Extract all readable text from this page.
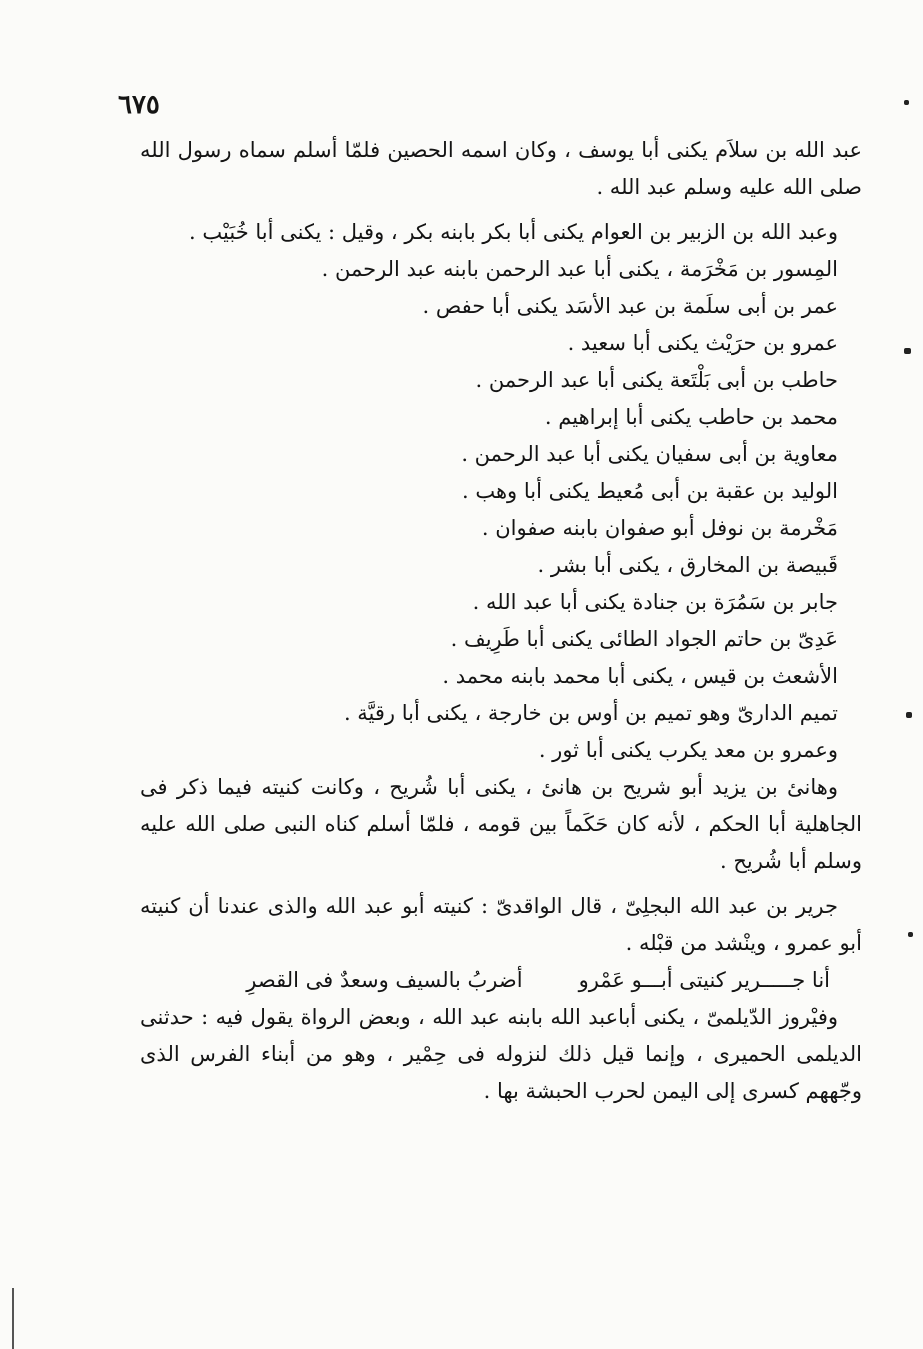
٦٧٥

عبد الله بن سلاَم يكنى أبا يوسف ، وكان اسمه الحصين فلمّا أسلم سماه رسول الله صلى الله عليه وسلم عبد الله .

وعبد الله بن الزبير بن العوام يكنى أبا بكر بابنه بكر ، وقيل : يكنى أبا خُبَيْب .

المِسور بن مَخْرَمة ، يكنى أبا عبد الرحمن بابنه عبد الرحمن .

عمر بن أبى سلَمة بن عبد الأسَد يكنى أبا حفص .

عمرو بن حرَيْث يكنى أبا سعيد .

حاطب بن أبى بَلْتَعة يكنى أبا عبد الرحمن .

محمد بن حاطب يكنى أبا إبراهيم .

معاوية بن أبى سفيان يكنى أبا عبد الرحمن .

الوليد بن عقبة بن أبى مُعيط يكنى أبا وهب .

مَخْرمة بن نوفل أبو صفوان بابنه صفوان .

قَبيصة بن المخارق ، يكنى أبا بشر .

جابر بن سَمُرَة بن جنادة يكنى أبا عبد الله .

عَدِىّ بن حاتم الجواد الطائى يكنى أبا طَرِيف .

الأشعث بن قيس ، يكنى أبا محمد بابنه محمد .

تميم الدارىّ وهو تميم بن أوس بن خارجة ، يكنى أبا رقيَّة .

وعمرو بن معد يكرب يكنى أبا ثور .

وهانئ بن يزيد أبو شريح بن هانئ ، يكنى أبا شُريح ، وكانت كنيته فيما ذكر فى الجاهلية أبا الحكم ، لأنه كان حَكَماً بين قومه ، فلمّا أسلم كناه النبى صلى الله عليه وسلم أبا شُريح .

جرير بن عبد الله البجلِىّ ، قال الواقدىّ : كنيته أبو عبد الله والذى عندنا أن كنيته أبو عمرو ، وينْشد من قبْله .

أنا جـــــرير كنيتى أبـــو عَمْرو
أضربُ بالسيف وسعدٌ فى القصرِ

وفيْروز الدّيلمىّ ، يكنى أباعبد الله بابنه عبد الله ، وبعض الرواة يقول فيه : حدثنى الديلمى الحميرى ، وإنما قيل ذلك لنزوله فى حِمْير ، وهو من أبناء الفرس الذى وجّههم كسرى إلى اليمن لحرب الحبشة بها .
